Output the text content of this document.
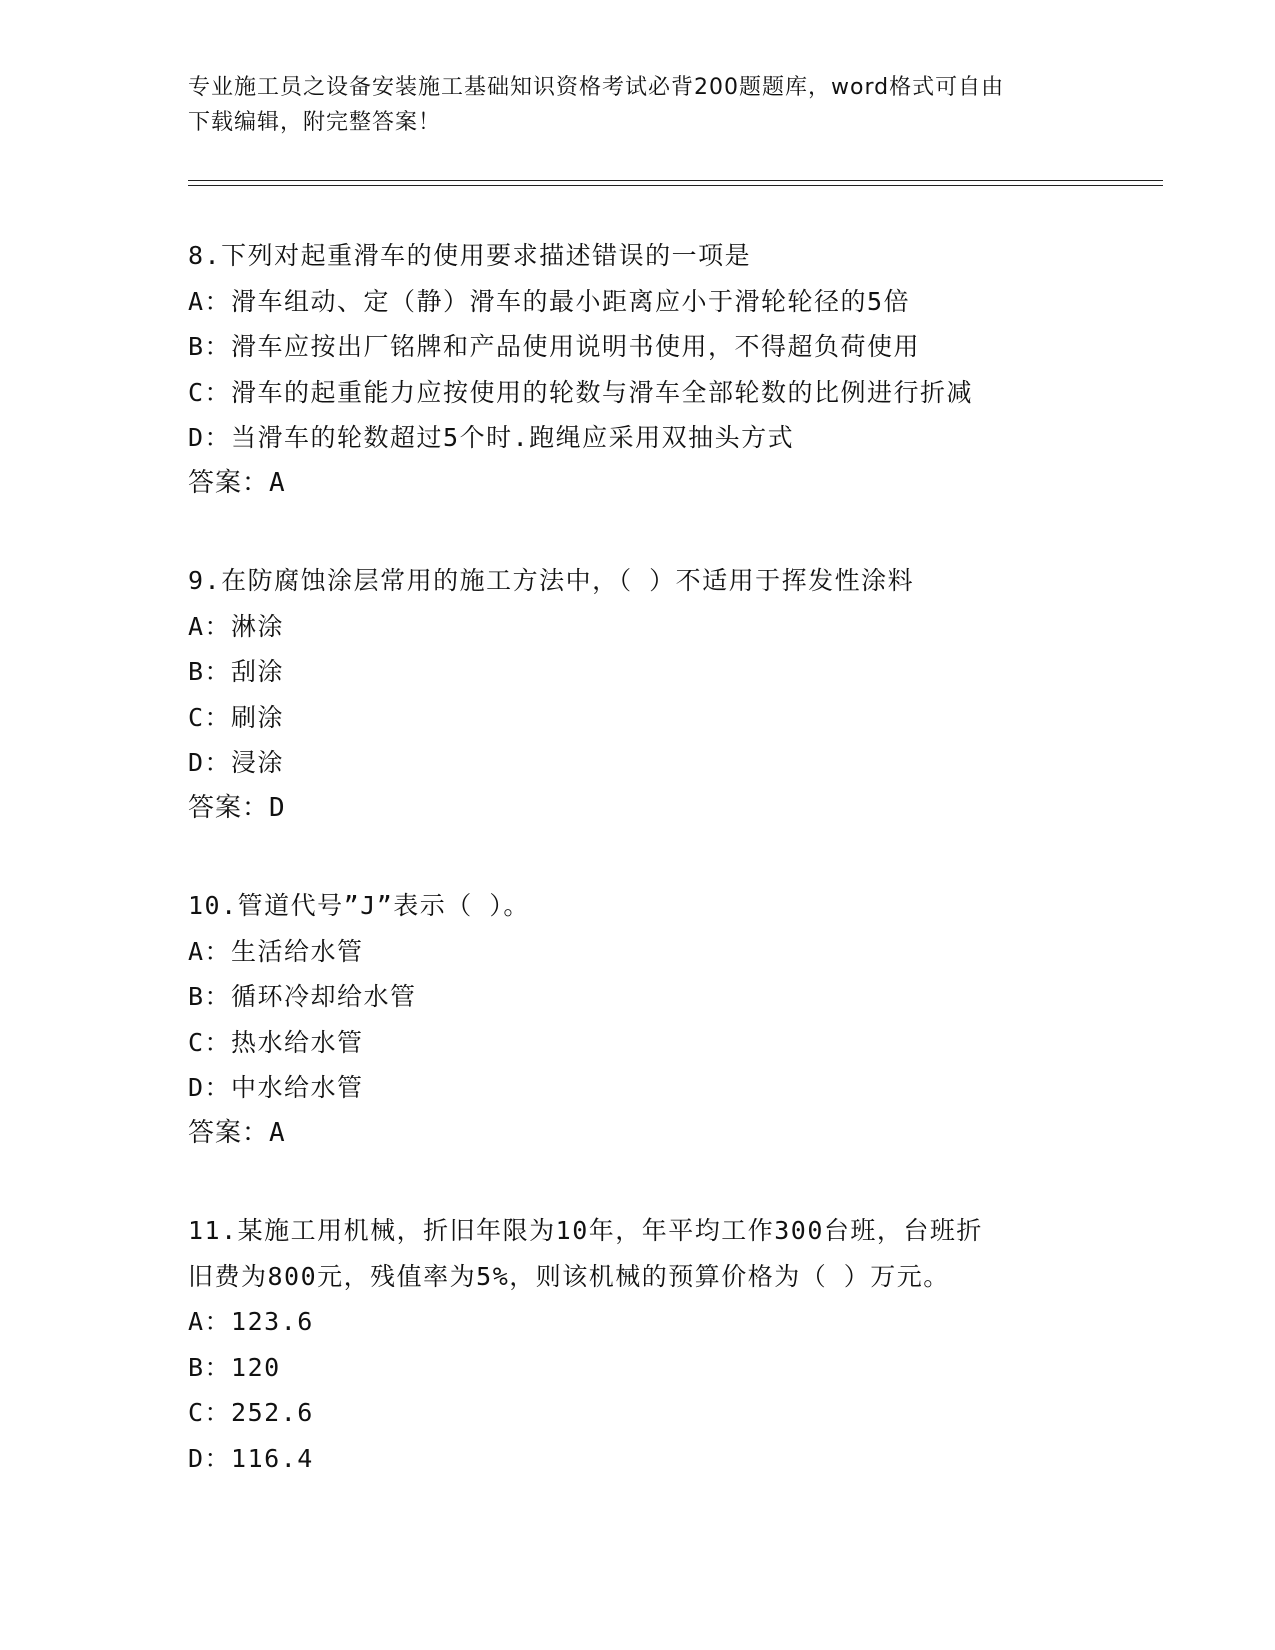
专业施工员之设备安装施工基础知识资格考试必背200题题库，word格式可自由
下载编辑，附完整答案！
8.下列对起重滑车的使用要求描述错误的一项是
A：滑车组动、定（静）滑车的最小距离应小于滑轮轮径的5倍
B：滑车应按出厂铭牌和产品使用说明书使用，不得超负荷使用
C：滑车的起重能力应按使用的轮数与滑车全部轮数的比例进行折减
D：当滑车的轮数超过5个时.跑绳应采用双抽头方式
答案：A
9.在防腐蚀涂层常用的施工方法中，（ ）不适用于挥发性涂料
A：淋涂
B：刮涂
C：刷涂
D：浸涂
答案：D
10.管道代号”J”表示（ ）。
A：生活给水管
B：循环冷却给水管
C：热水给水管
D：中水给水管
答案：A
11.某施工用机械，折旧年限为10年，年平均工作300台班，台班折
旧费为800元，残值率为5%，则该机械的预算价格为（ ）万元。
A：123.6
B：120
C：252.6
D：116.4
